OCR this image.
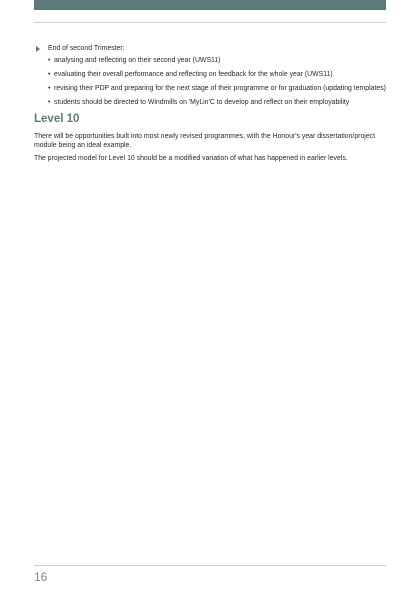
End of second Trimester:
• analysing and reflecting on their second year (UWS11)
• evaluating their overall performance and reflecting on feedback for the whole year (UWS11)
• revising their PDP and preparing for the next stage of their programme or for graduation (updating templates)
• students should be directed to Windmills on 'MyLin'C to develop and reflect on their employability
Level 10

There will be opportunities built into most newly revised programmes, with the Honour's year dissertation/project module being an ideal example.

The projected model for Level 10 should be a modified variation of what has happened in earlier levels.

16
